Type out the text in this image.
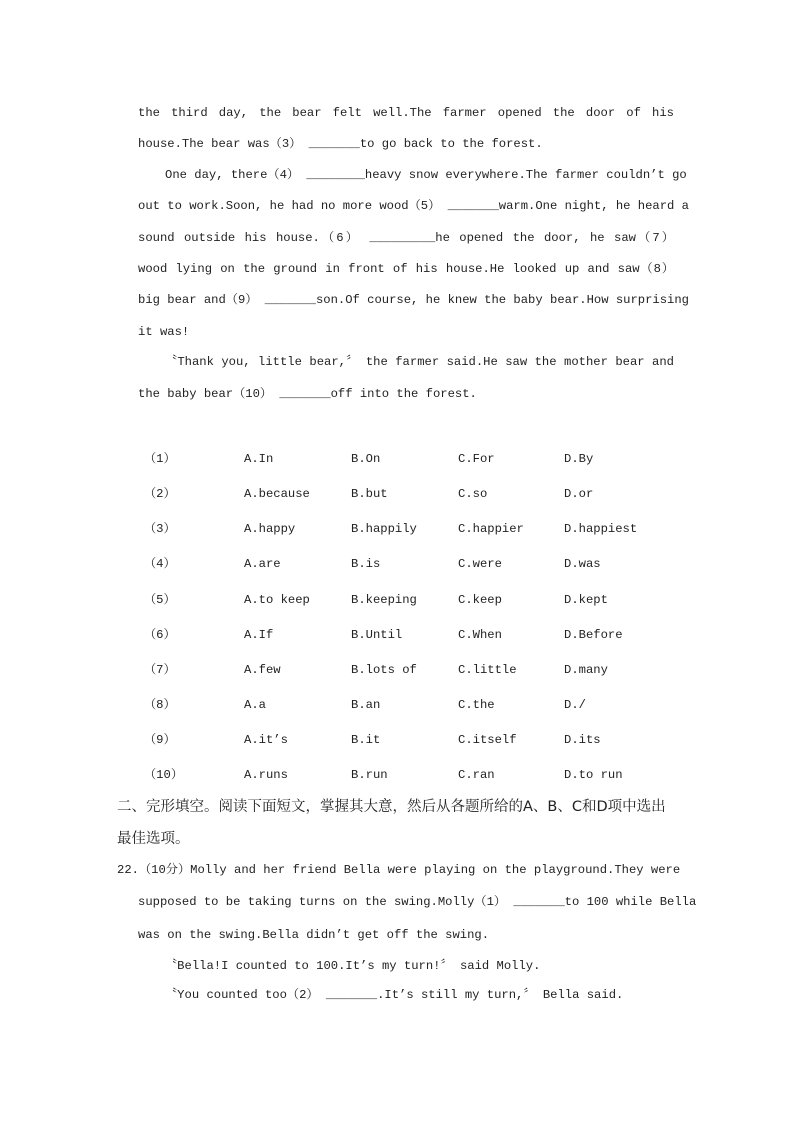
the third day, the bear felt well.The farmer opened the door of his
house.The bear was（3） _______to go back to the forest.
One day, there（4） ________heavy snow everywhere.The farmer couldn’t go
out to work.Soon, he had no more wood（5） _______warm.One night, he heard a
sound outside his house.（6） _________he opened the door, he saw（7）
wood lying on the ground in front of his house.He looked up and saw（8）
big bear and（9） _______son.Of course, he knew the baby bear.How surprising
it was!
〝Thank you, little bear,〞 the farmer said.He saw the mother bear and
the baby bear（10） _______off into the forest.
（1）	A.In	B.On	C.For	D.By
（2）	A.because	B.but	C.so	D.or
（3）	A.happy	B.happily	C.happier	D.happiest
（4）	A.are	B.is	C.were	D.was
（5）	A.to keep	B.keeping	C.keep	D.kept
（6）	A.If	B.Until	C.When	D.Before
（7）	A.few	B.lots of	C.little	D.many
（8）	A.a	B.an	C.the	D./
（9）	A.it’s	B.it	C.itself	D.its
（10）	A.runs	B.run	C.ran	D.to run
二、完形填空。阅读下面短文，掌握其大意，然后从各题所给的A、B、C和D项中选出最佳选项。
22.（10分）Molly and her friend Bella were playing on the playground.They were
supposed to be taking turns on the swing.Molly（1） _______to 100 while Bella
was on the swing.Bella didn’t get off the swing.
〝Bella!I counted to 100.It’s my turn!〞 said Molly.
〝You counted too（2） _______.It’s still my turn,〞 Bella said.
